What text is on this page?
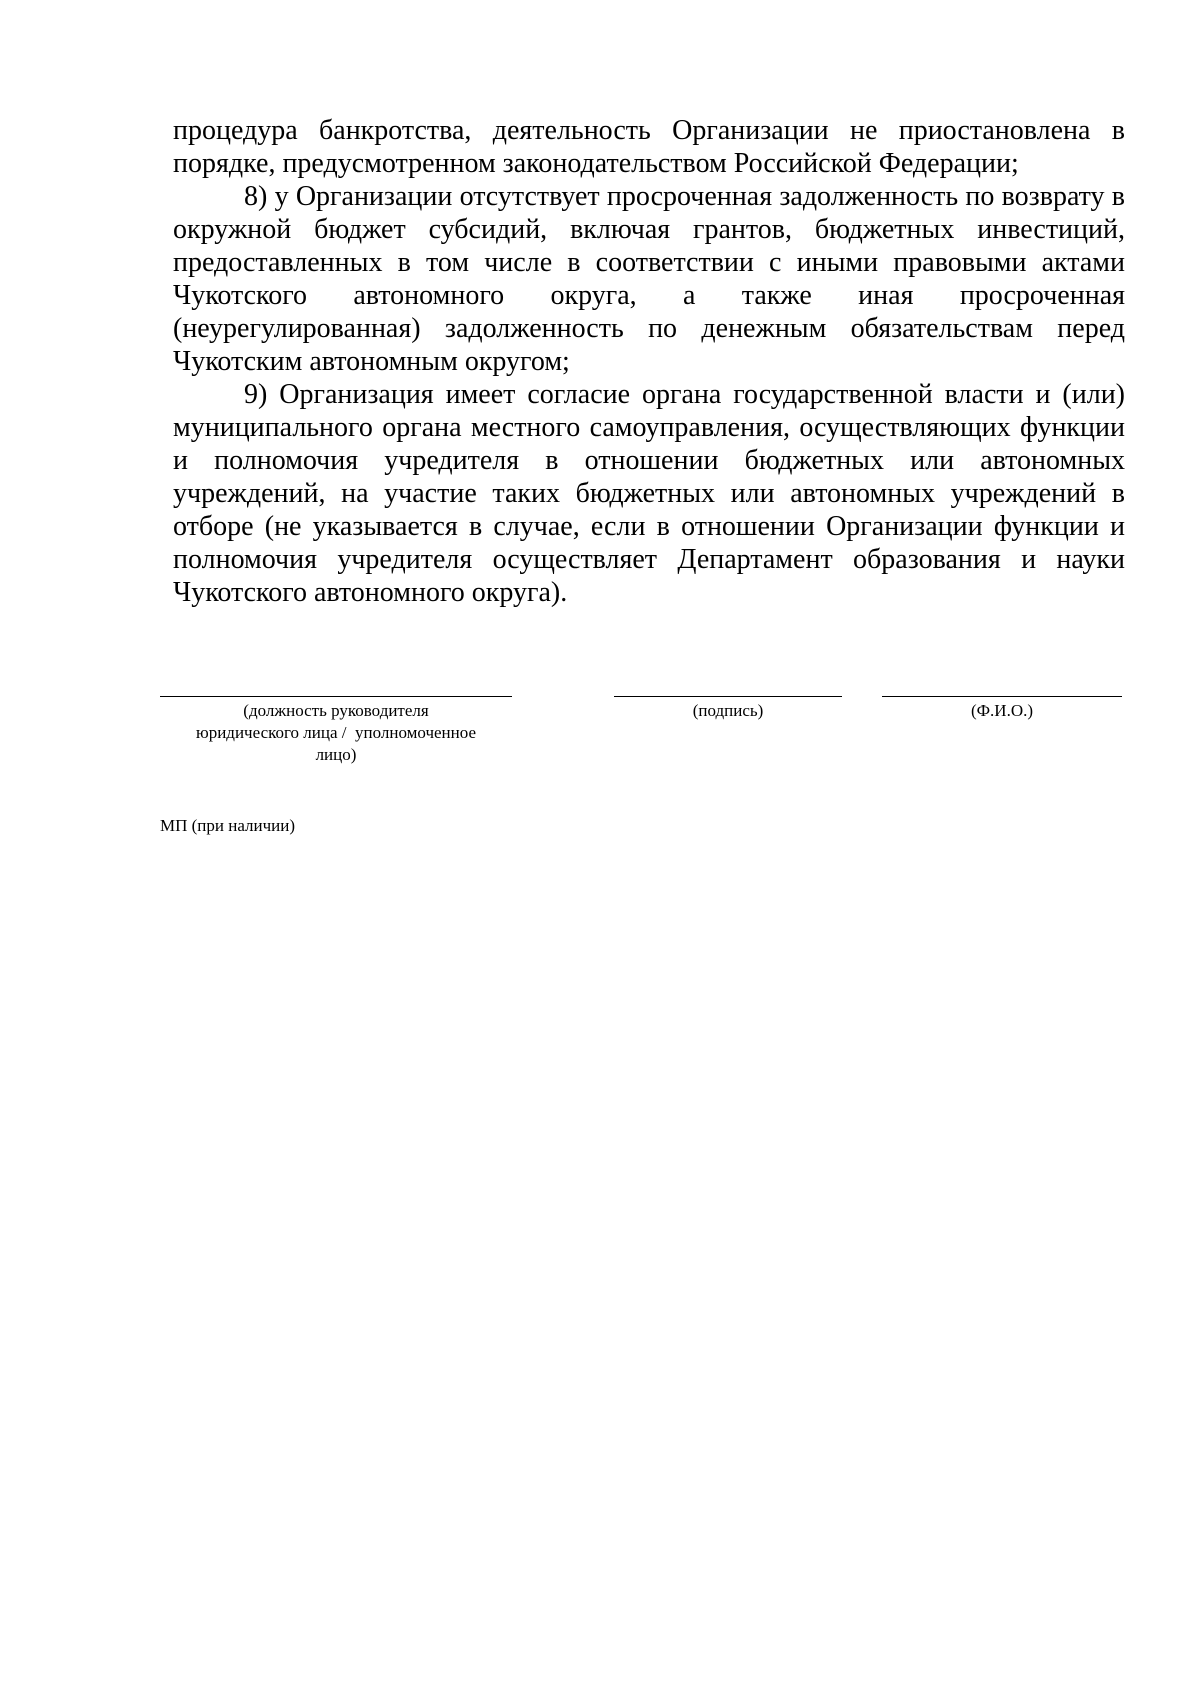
процедура банкротства, деятельность Организации не приостановлена в порядке, предусмотренном законодательством Российской Федерации;

8) у Организации отсутствует просроченная задолженность по возврату в окружной бюджет субсидий, включая грантов, бюджетных инвестиций, предоставленных в том числе в соответствии с иными правовыми актами Чукотского автономного округа, а также иная просроченная (неурегулированная) задолженность по денежным обязательствам перед Чукотским автономным округом;

9) Организация имеет согласие органа государственной власти и (или) муниципального органа местного самоуправления, осуществляющих функции и полномочия учредителя в отношении бюджетных или автономных учреждений, на участие таких бюджетных или автономных учреждений в отборе (не указывается в случае, если в отношении Организации функции и полномочия учредителя осуществляет Департамент образования и науки Чукотского автономного округа).

(должность руководителя
юридического лица /  уполномоченное
лицо)
(подпись)	(Ф.И.О.)
МП (при наличии)
